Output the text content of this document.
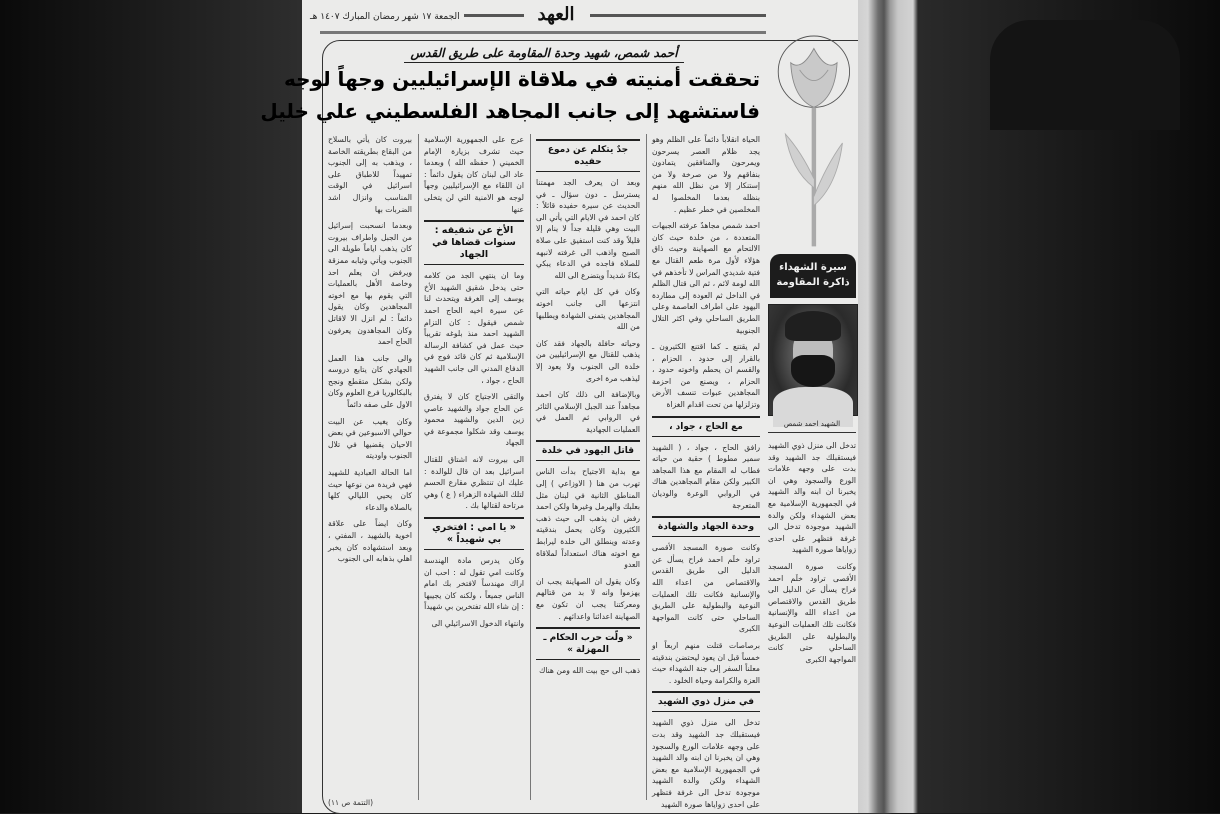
الجمعة ١٧ شهر رمضان المبارك ١٤٠٧ هـ	العهد
أحمد شمص، شهيد وحدة المقاومة على طريق القدس
تحققت أمنيته في ملاقاة الإسرائيليين وجهاً لوجه
فاستشهد إلى جانب المجاهد الفلسطيني علي خليل
سيرة الشهداء
ذاكرة المقاومة
الشهيد احمد شمص

تدخل الى منزل ذوي الشهيد فيستقبلك جد الشهيد وقد بدت على وجهه علامات الورع والسجود وهي ان يخبرنا ان ابنه والد الشهيد في الجمهورية الإسلامية مع بعض الشهداء ولكن والدة الشهيد موجودة تدخل الى غرفة فتظهر على احدى زواياها صورة الشهيد

وكانت صورة المسجد الأقصى تراود خلَم احمد فراح يسأل عن الدليل الى طريق القدس والاقتصاص من اعداء الله والإنسانية فكانت تلك العمليات النوعية والبطولية على الطريق الساحلي حتى كانت المواجهة الكبرى

الحياة انقلاباً دائماً على الظلم وهو يجد ظلام العصر يسرحون ويمرحون والمنافقين يتمادون بنفاقهم ولا من صرخة ولا من إستنكار إلا من نظل الله منهم بنظله بعدما المخلصوا له المخلصين في خطر عظيم .

احمد شمص مجاهدٌ عرفته الجبهات المتعددة ، من خلدة حيث كان الالتحام مع الصهاينة وحيث ذاق هؤلاء لأول مرة طعم القتال مع فتية شديدي المراس لا تأخذهم في الله لومة لائم ، ثم الى قتال الظلم في الداخل ثم العودة إلى مطاردة اليهود على اطراف العاصمة وعلى الطريق الساحلي وفي اكثر التلال الجنوبية

لم يقتنع ـ كما اقتنع الكثيرون ـ بالقرار إلى حدود ، الحزام ، والقسم ان يحطم واخوته حدود ، الحزام ، ويصنع من احزمة المجاهدين عبوات تنسف الأرض وتزلزلها من تحت اقدام الغزاة

مع الحاج ، جواد ،

رافق الحاج ، جواد ، ( الشهيد سمير مطوط ) حقبة من حياته فطاب له المقام مع هذا المجاهد الكبير ولكن مقام المجاهدين هناك في الروابي الوعرة والوديان المتعرجة

وحدة الجهاد والشهادة

وكانت صورة المسجد الأقصى تراود خلَم احمد فراح يسأل عن الدليل الى طريق القدس والاقتصاص من اعداء الله والإنسانية فكانت تلك العمليات النوعية والبطولية على الطريق الساحلي حتى كانت المواجهة الكبرى

برصاصات قتلت منهم اربعاً او خمساً قبل ان يعود ليحتضن بندقيته معلناً السفر إلى جنة الشهداء حيث العزة والكرامة وحياة الخلود .

في منزل ذوي الشهيد

تدخل الى منزل ذوي الشهيد فيستقبلك جد الشهيد وقد بدت على وجهه علامات الورع والسجود وهي ان يخبرنا ان ابنه والد الشهيد في الجمهورية الإسلامية مع بعض الشهداء ولكن والدة الشهيد موجودة تدخل الى غرفة فتظهر على احدى زواياها صورة الشهيد

جدٌ يتكلم عن دموع حفيده

وبعد ان يعرف الجد مهمتنا يسترسل ـ دون سؤال ـ في الحديث عن سيرة حفيده قائلاً : كان احمد في الايام التي يأتي الى البيت وهي قليلة جداً لا ينام إلا قليلاً وقد كنت استفيق على صلاة الصبح واذهب الى غرفته لانبهه للصلاة فاجده في الدعاء يبكي بكاءً شديداً ويتضرع الى الله

وكان في كل ايام حياته التي انتزعها الى جانب اخوته المجاهدين يتمنى الشهادة ويطلبها من الله

وحياته حافلة بالجهاد فقد كان يذهب للقتال مع الإسرائيليين من خلدة الى الجنوب ولا يعود إلا ليذهب مرة اخرى

وبالإضافة الى ذلك كان احمد مجاهداً عند الجبل الإسلامي الثائر في الروابي ثم العمل في العمليات الجهادية

قاتل اليهود في خلدة

مع بداية الاجتياح بدأت الناس تهرب من هنا ( الاوزاعي ) إلى المناطق الثانية في لبنان مثل بعلبك والهرمل وغيرها ولكن احمد رفض ان يذهب الى حيث ذهب الكثيرون وكان يحمل بندقيته وعدته وينطلق الى خلدة ليرابط مع اخوته هناك استعداداً لملاقاة العدو

وكان يقول ان الصهاينة يجب ان يهزموا وانه لا بد من قتالهم ومعركتنا يجب ان تكون مع الصهاينة اعدائنا واعدائهم .

« ولّت حرب الحكام ـ المهزلة »

ذهب الى حج بيت الله ومن هناك

عرج على الجمهورية الإسلامية حيث تشرف بزيارة الإمام الخميني ( حفظه الله ) وبعدما عاد الى لبنان كان يقول دائماً : ان اللقاء مع الإسرائيليين وجهاً لوجه هو الامنية التي لن يتخلى عنها

الأخ عن شقيقه :
سنوات قضاها في الجهاد

وما ان ينتهي الجد من كلامه حتى يدخل شقيق الشهيد الأخ يوسف إلى الغرفة ويتحدث لنا عن سيرة اخيه الحاج احمد شمص فيقول : كان التزام الشهيد احمد منذ بلوغه تقريباً حيث عمل في كشافة الرسالة الإسلامية ثم كان قائد فوج في الدفاع المدني الى جانب الشهيد الحاج ، جواد ،

والتقى الاجتياح كان لا يفترق عن الحاج جواد والشهيد عاصي زين الدين والشهيد محمود يوسف وقد شكلوا مجموعة في الجهاد

الى بيروت لانه اشتاق للقتال اسرائيل بعد ان قال للوالدة : عليك ان تنتظري مقارع الحسم لتلك الشهادة الزهراء ( ع ) وهي مرتاحة لقتالها بك .

« يا امي : افتخري
بي شهيداً »

وكان يدرس مادة الهندسة وكانت امي تقول له : احب ان اراك مهندساً لافتخر بك امام الناس جميعاً ، ولكنه كان يجيبها : إن شاء الله تفتخرين بي شهيداً

وانتهاء الدخول الاسرائيلي الى

بيروت كان يأتي بالسلاح من البقاع بطريقته الخاصة ، ويذهب به إلى الجنوب تمهيداً للاطباق على اسرائيل في الوقت المناسب وانزال اشد الضربات بها

وبعدما انسحبت إسرائيل من الجبل واطراف بيروت كان يذهب اياماً طويلة الى الجنوب ويأتي وثيابه ممزقة ويرفض ان يعلم احد وخاصة الأهل بالعمليات التي يقوم بها مع اخوته المجاهدين وكان يقول دائماً : لم انزل الا لاقاتل وكان المجاهدون يعرفون الحاج احمد

والى جانب هذا العمل الجهادي كان يتابع دروسه ولكن بشكل متقطع ونجح بالبكالوريا فرع العلوم وكان الاول على صفه دائماً

وكان يغيب عن البيت حوالي الاسبوعين في بعض الاحيان يقضيها في تلال الجنوب واوديته

اما الحالة العبادية للشهيد فهي فريدة من نوعها حيث كان يحيي الليالي كلها بالصلاة والدعاء

وكان ايضاً على علاقة اخوية بالشهيد ، المفتي ، وبعد استشهاده كان يخبر اهلي بذهابه الى الجنوب

(التتمة ص ١١)
